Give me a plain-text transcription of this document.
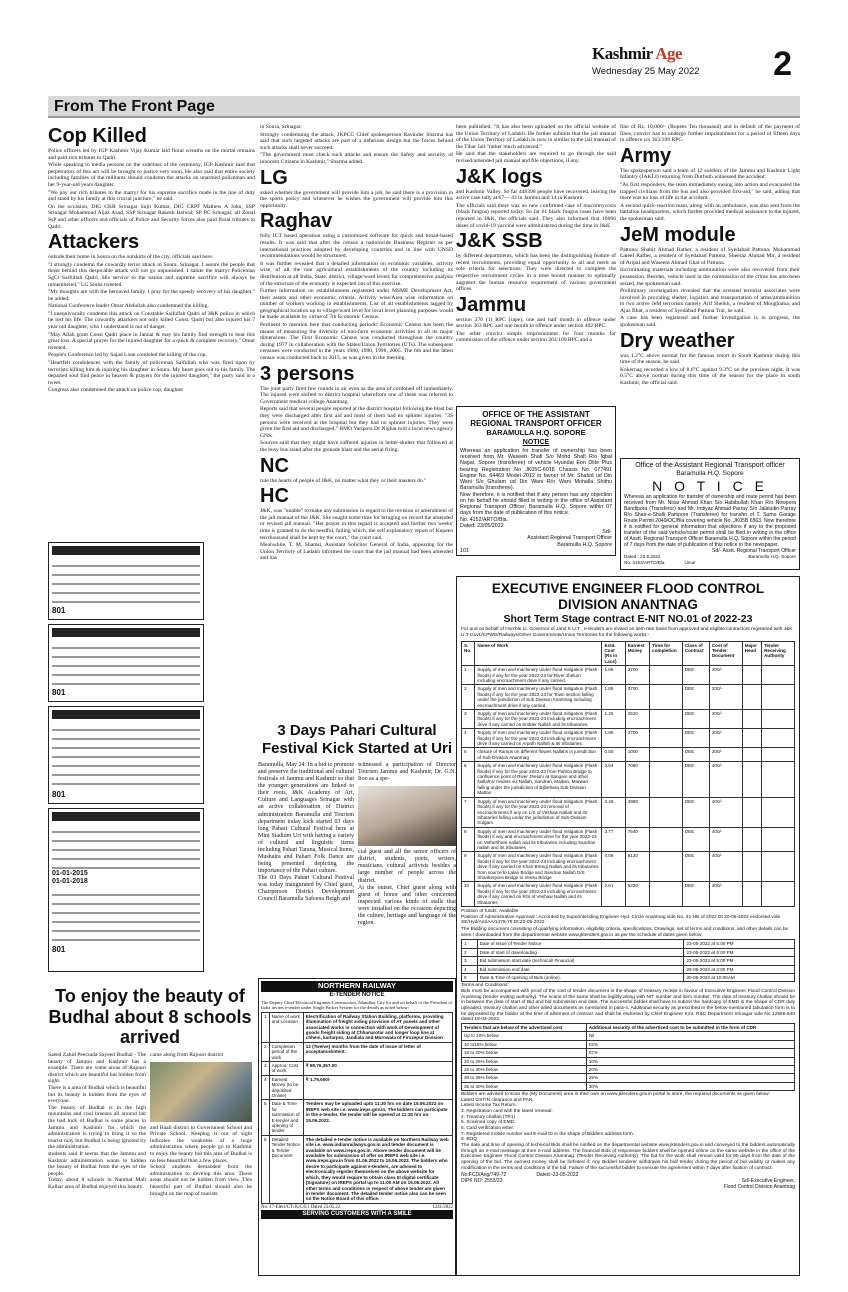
Kashmir Age
Wednesday 25 May 2022	2
From The Front Page
Cop Killed

Police officers led by IGP Kashmir Vijay Kumar laid floral wreaths on the mortal remains and paid rich tributes to Qadri.

While speaking to media persons on the sidelines of the ceremony, IGP Kashmir said that perpetrators of this act will be brought to justice very soon. He also said that entire society including families of the militants should condemn the attacks on unarmed policeman and her 9-year-old years daughter.

"We pay our rich tributes to the martyr for his supreme sacrifice made in the line of duty and stand by his family at this crucial juncture," he said.

On the occasion, DIG CKR Srinagar Sujit Kumar, DIG CRPF Mathew A John, SSP Srinagar Mohammad Aijaz Asad, SSP Srinagar Rakesh Balwal, SP PC Srinagar, all Zonal SsP and other officers and officials of Police and Security forces also paid floral tributes to Qadri.

Attackers

outside their home in Soura on the outskirts of the city, officials said here.

"I strongly condemn the cowardly terror attack in Soura, Srinagar. I assure the people that those behind this despicable attack will not go unpunished. I salute the martyr Policeman SgCt Saifullah Qadri. His service to the nation and supreme sacrifice will always be remembered," LG Sinha tweeted.

"My thoughts are with the bereaved family. I pray for the speedy recovery of his daughter," he added.

National Conference leader Omar Abdullah also condemned the killing.

"I unequivocally condemn this attack on Constable Saifullah Qadri of J&K police in which he lost his life. The cowardly attackers not only killed Const. Qadri but also injured his 7 year old daughter, who I understand is out of danger.

"May Allah grant Const Qadri place in Jannat & may his family find strength to bear this great loss. A special prayer for the injured daughter for a quick & complete recovery," Omar tweeted.

People's Conference led by Sajad Lone condoled the killing of the cop.

"Heartfelt condolences with the family of policeman Saifullah who was fired upon by terrorists killing him & injuring his daughter in Soura. My heart goes out to his family. The departed soul find peace in heaven & prayers for the injured daughter," the party said in a tweet.

Congress also condemned the attack on police cop, daughter

801
801
801
01-01-2015
01-01-2018
801
To enjoy the beauty of Budhal about 8 schools arrived

Saeed Zahid Peerzada Sayeed Budhal - The beauty of Jammu and Kashmir has a example. There are some areas of Rajouri district which are beautiful but hidden from sight.

There is a area of Budhal which is beautiful but its beauty is hidden from the eyes of everyone.

The beauty of Budhal is in the high mountains and cool breezes all around but the bad luck of Budhal is some places in Jammu and Kashmir for which the administration is trying to bring it so the tourist may but Budhal is being ignored by the administration.

students said It seems that the Jammu and Kashmir administration wants to hidden the beauty of Budhal from the eyes of the people.

Today, about 8 schools in Nambal Mall Kalhar area of Budhal enjoyed this beauty.

came along from Rajouri district

and Baali district to Government School and Private School. Keeping it out of sight indicates the weakness of a huge administration where people go to Kashmir to enjoy the beauty but this area of Budhal is no less beautiful than a few places.

School students demanded from the administration to develop this area. Those areas should not be hidden from view. This beautiful part of Budhal should also be brought on the map of tourists.

in Soura, Srinagar.

Strongly condemning the attack, JKPCC Chief spokesperson Ravinder Sharma has said that such targeted attacks are part of a nefarious design but the forces behind such attacks shall never succeed.

"The government must check such attacks and ensure the Safety and security of innocent Citizens in Kashmir," Sharma added.

LG

asked whether the government will provide him a job, he said there is a provision in the sports policy and whenever he wishes the government will provide him this opportunity.

Raghav

fully ICT based operation using a customized software for quick and broad-based results. It was said that after the census a nationwide Business Register as per international practices adopted by developing countries and in line with UNSD recommendations would be structured.

It was further revealed that a detailed information on economic variables, activity wise, of all the non agricultural establishments of the country including its distribution at all India, State, district, village/ward levels for comprehensive analysis of the structure of the economy is expected out of this exercise.

Further information on establishments registered under MSME Development Act, their assets and other economic criteria. Activity wise/Area wise information on number of workers working in establishments. List of all establishments tagged by geographical location up to village/ward level for local level planning purposes would be made available by virtue of 7th Economic Census.

Pertinent to mention here that conducting periodic Economic Census has been the means of measuring the diversity of non-farm economic activities in all its major dimensions. The First Economic Census was conducted throughout the country during 1977 in collaboration with the States/Union Territories (UTs). The subsequent censuses were conducted in the years 1980, 1990, 1998, 2005. The 6th and the latest census was conducted back in 2013, as was given in the meeting.

3 persons

The joint party fired few rounds in air even as the area of cordoned off immediately. The injured were shifted to district hospital wherefrom one of these was referred to Government medical college Anantnag.

Reports said that several people reported at the district hospital following the blast but they were discharged after first aid and most of them had no splinter injuries. "3S persons were received at the hospital but they had no splinter injuries. They were given the first aid and discharged," BMO Yaripora Dr Nighat told a local news agency GNS.

Sources said that they might have suffered injuries in helter-skelter that followed at the busy bus stand after the grenade blast and the aerial firing.

NC

rule the hearts of people of J&K, no matter what they or their masters do."

HC

J&K, was "unable" to make any submission in regard to the revision or amendment of the jail manual of the J&K. She sought some time for bringing on record the amended or revised jail manual. "Her prayer in this regard is accepted and further two weeks' time is granted to do the needful, failing which, the self explanatory report of Kupeeo ten thousand shall be kept by the court," the court said.

Meanwhile, T. M. Shamsi, Assistant Solicitor General of India, appearing for the Union Territory of Ladakh informed the court that the jail manual had been amended and has

3 Days Pahari Cultural Festival Kick Started at Uri

Baramulla, May 24: In a bid to promote and preserve the traditional and cultural festivals of Jammu and Kashmir so that the younger generations are linked to their roots, J&K Academy of Art, Culture and Languages Srinagar with an active collaboration of District administration Baramulla and Tourism department today kick started 03 days long Pahari Cultural Festival here at Mini Stadium Uri with having a variety of cultural and linguistic items including Pahari Tarana, Musical Items, Mushaira and Pahari Folk Dance are being presented depicting the importance of the Pahari culture.

The 03 Days Pahari Cultural Festival was today inaugurated by Chief guest, Chairperson District Development Council Baramulla Safeena Beigh and

witnessed a participation of Director Tourism Jammu and Kashmir, Dr. G.N. Itoo as a spe-

cial guest and all the senior officers of district, students, poets, writers, musicians, cultural activists besides a large number of people across the district.

At the outset, Chief guest along with guest of honor and other concerned inspected various kinds of stalls that were installed on the occasion depicting the culture, heritage and language of the region.

NORTHERN RAILWAY
E-TENDER NOTICE

The Deputy Chief Electrical Engineer/Construction, Jalandhar City for and on behalf of the President of India invites e-tender under Single Packet System for the details as noted below:

1	Name of work and Location	Electrification of Railway Station Building, platforms, providing illumination of freight siding provision of AT panels and other associated works in connection with work of Development of goods freight siding at Chhanarotar and longer loop line at chheni, kartarpur, Jandiala and Morowala of Firozepur Division
2	Completion period of the work	12 (Twelve) months from the date of issue of letter of acceptance/intent.
3	Approx. Cost of work	₹ 89,76,357.00
4	Earnest Money (to be deposited Online)	₹ 1,79,600/-
5	Date & Time for submission of E-tender and opening of tender	Tenders may be uploaded upto 11:30 hrs on date 15.06.2022 on IREPS web site i.e. www.ireps.gov.in. The bidders can participate in the e-tender, the tender will be opened at 11:30 hrs on 15.06.2022.
6	Detailed Tender Notice & Tender Document	The detailed e-tender notice is available on Northern Railway web site i.e. www.indianrailways.gov.in and tender document is available on www.ireps.gov.in. Above tender document will be available for submission of offer on IREPS web site i.e. www.ireps.gov.in from 01.06.2022 to 15.06.2022. The bidders who desire to participate against e-tenders, are advised to electronically register themselves on the above website for which, they would require to obtain class III digital certificate (Signature) on IREPS portal up to 11:00 AM on 15.06.2022. All other terms and conditions in respect of above tender are given in tender document. The detailed tender notice also can be seen on the Notice Board of this office.
No. 17-Elect/CT/JUC/E1 Dated 23.05.22	1241/2022
SERVING CUSTOMERS WITH A SMILE

been published. "It has also been uploaded on the official website of the Union Territory of Ladakh. He further submits that the jail manual of the Union Territory of Ladakh in now in similar to the jail manual of the Tihar Jail "rather much advanced."

He said that the stakeholders are required to go through the said revised/amended jail manual and file objections, if any.

J&K logs

and Kashmir Valley. So far 448398 people have recovered, leaving the active case tally at 67— 43 in Jammu and 14 in Kashmir.

The officials said there was no new confirmed case of mucormycosis (black fungus) reported today. So far 61 black fungus cases have been reported in J&K, the officials said. They also informed that 10096 doses of covid-19 vaccine were administered during the time in J&K.

J&K SSB

by different departments, which has been the distinguishing feature of recent recruitments, providing equal opportunity to all and merit as sole criteria for selections. They were directed to complete the respective recruitment cycles in a time bound manner to optimally augment the human resource requirement of various government offices.

Jammu

section 376 (1) RPC (rape), one and half month in offence under section 363 RPC and one month in offence under section 402 RPC.

The other convict simple imprisonment for four months for commission of the offence under section 363/109 RPC and a

OFFICE OF THE ASSISTANT
REGIONAL TRANSPORT OFFICER
BARAMULLA H.Q. SOPORE
NOTICE

Whereas an application for transfer of ownership has been received from Mr. Waseeb Shafi S/o Mohd Shafi R/o Iqbal Nagar, Sopore (transferee) of vehicle Hyundai Eon Dlite Plus bearing Registration No JK05C-6018 Chassis No. 077491 Engine No. 64469 Model 2012 in favour of Mr. Shahid ud Din Wani S/o Ghulam ud Din Wani R/o Wani Mohalla Shithu Baramulla (transferee).

Now therefore, it is notified that if any person has any objection on his behalf he should filled in writing in the office of Assistant Regional Transport Officer, Baramulla H.Q. Sopore within 07 days from the date of publication of this notice.

No. 4152/ARTO/Bla.
Dated: 23/05/2022
Sd/-
Assistant Regional Transport Officer
Baramulla H.Q. Sopore
101

fine of Rs. 10,000/- (Rupees Ten thousand) and in default of the payment of fines, convict has to undergo further imprisonment for a period of fifteen days in offence u/s 363/109 RPC.

Army

The spokesperson said a team of 12 soldiers of the Jammu and Kashmir Light Infantry (JAKLI) returning from Durbuth witnessed the accident.

"As first responders, the team immediately swung into action and evacuated the trapped civilians from the bus and also provided first-aid," he said, adding that there was no loss of life in the accident.

A second quick-reaction team, along with an ambulance, was also sent from the battalion headquarters, which further provided medical assistance to the injured, the spokesman said.

JeM module

Pattuna; Shabir Ahmad Rather, a resident of Syedabad Pattuna; Mohammad Lateef Rather, a resident of Syedabad Pattuna; Sheeraz Ahmad Mir, a resident of Aripal and Waseem Ahmad Ghat of Pattuna.

Incriminating materials including ammunition were also recovered from their possession. Besides, vehicle used in the commission of the crime has also been seized, the spokesman said.

Preliminary investigation revealed that the arrested terrorist associates were involved in providing shelter, logistics and transportation of arms/ammunition to two active JeM terrorists namely Arif Sheikh, a resident of Moughama, and Ajaz Bhat, a resident of Syedabad Pattuna Tral, he said.

A case has been registered and further investigation is in progress, the spokesman said.

Dry weather

was 1.2°C above normal for the famous resort in South Kashmir during this time of the season, he said.

Kokernag recorded a low of 8.6°C against 9.3°C on the previous night. It was 0.5°C above normal during this time of the season for the place in south Kashmir, the official said.

Office of the Assistant Regional Transport officer
Baramulla H.Q. Sopore
N O T I C E

Whereas an application for transfer of ownership and route permit has been received from Mr. Nisar Ahmad Khan S/o Habibullah Khan R/o Nowpora Bandipora (Transferor) and Mr. Imtiyaz Ahmad Parray S/o Jalaludin Parray R/o Shair-e-Shalli Pampore (Transferee) for transfer of T. Sumo Garage Route Permit 2049/OC/Bla covering vehicle No. JK05B 6563. Now therefore it is notified for general information that objections if any to the proposed transfer of the said vehicle/route permit shall be filed in writing in the office of Asstt. Regional Transport Officer Baramulla H.Q. Sopore within the period of 7 days from the date of publication of this notice in the newspaper.

Sd/- Asstt. Regional Transport Officer
Dated : 23.5.2022	Baramulla H.Q. Sopore
No. 4153/ARTO/Bla	Umar
EXECUTIVE ENGINEER FLOOD CONTROL DIVISION ANANTNAG
Short Term Stage contract E-NIT NO.01 of 2022-23

For and on behalf of Hon'ble Lt. Governor of Jand K U.T , e-tenders are invited on item rate basis from approved and eligible contractors registered with J&K U.T Govt./CPWD/Railways/Other Governments/Union Territories for the following works:-

S. No.	Name of Work	Estd. Cost (Rs in Lacs)	Earnest Money	Time for completion	Class of Contract	Cost of Tender Document	Major Head	Tender Receiving Authority
1	Supply of men and machinery under flood mitigation (Flash floods) if any for the year 2022-23 for River Jhelum including encroachment drive if any carried.	1.85	3700		DEE	200/-		
2	Supply of men and machinery under flood mitigation (Flash floods) if any for the year 2022-23 for Town section falling under the jurisdiction of Sub Division Anantnag including encroachment drive if any carried.	1.85	3700		DEE	200/-		
3	Supply of men and machinery under flood mitigation (Flash floods) if any for the year 2022-23 including encroachment drive if any carried on bridder Nallah and its tributaries.	1.26	2520		DEE	200/-		
4	Supply of men and machinery under flood mitigation (Flash floods) if any for the year 2022-23 including encroachment drive if any carried on Arpath Nallah & its tributaries.	1.85	3700		DEE	200/-		
5	closure of Ramps on different flowes Nallahs in jurisdiction of Sub-Division Anantnag	0.50	1000		DEE	200/-		
6	Supply of men and machinery under flood mitigation (Flash floods) if any for the year 2022-23 from Pahloo Bridge to confluence point of River Jhelum at Sangam and other Nallah's/ rivulets viz Nallah, Sandran, Malkan, Marwari falling under the jurisdiction of Bijbehara Sub-Division Mattan	3.54	7080		DEE	400/-		
7	Supply of men and machinery under flood mitigation (Flash floods) if any for the year 2022-23 removal of encroachments if any on L/S of Veshaw Nallah and its tributaries falling under the jurisdiction of Sub-Division Kulgam.	2.49	4980		DEE	400/-		
8	Supply of men and machinery under flood mitigation (Flash floods) if any and encroachment drive for the year 2022-23 on Vetherthree nallah and its tributaries including Sandran nallah and its tributaries	3.77	7540		DEE	400/-		
9	Supply of men and machinery under flood mitigation (Flash floods) if any for the year 2022-23 including encroachment drive if any carried on Khan Brengi Nallah and its tributaries from source to Lalan Bridge and Sandran Nallah D/S Shankerpora Bridge to Vessu Bridge	4.06	8120		DEE	400/-		
10	Supply of men and machinery under flood mitigation (Flash floods) if any for the year 2022-23 including encroachment drive if any carried on R/S of Veshaw Nallah and its tributaries	2.61	5220		DEE	300/-		

Position of funds: Available

Position of Administrative Approval : Accorded by Superintending Engineer Hyd. Circle Anantnag vide No. 31-HB of 2022 Dt 20-05-2022 endorsed vide SE/Hyd/Ant/AA/1478-79 Dt:20-05-2022.

The Bidding document consisting of qualifying information, eligibility criteria, specifications, Drawings, set of terms and conditions, and other details can be seen / downloaded from the departmental website www.jktenders.gov.in as per the schedule of dates given below:

1	Date of Issue of Tender Notice	23-05-2022 at 5:00 PM
2	Date of start of downloading	23-05-2022 at 5:00 PM
3	Bid submission start date (technical/ Financial)	23-05-2022 at 5:00 PM
4	Bid submission end date	28-05-2022 at 4:00 PM
5	Date & Time of opening of Bids (online).	30-05-2022 at 10:00AM

Terms and Conditions:

Bids must be accompanied with proof of the cost of tender document in the shape of treasury receipt in favour of Executive Engineer Flood Control Division Anantnag (tender inviting authority). The scans of the same shall be legibly along with NIT number and item number. The date of treasury challan should be in between the date of start of Bid and bid submission end date. The successful bidder shall have to submit the hardcopy of EMD in the shape of CDR duly upleaded, treasury challan and other allied documents as mentioned in para-4. Additional security as prescribed in the below-mentioned tabulation form is to be deposited by the bidder at the time of allotment of contract and shall be endorsed by Chief Engineer Kmr. R&C Department Srinagar vide No 12566-640 dated 18-03-2022.

Tenders that are below of the advertised cost	Additional security of the advertised cost to be submitted in the form of CDR
Up to 10% below	Nil
10 to15% below	02%
15 to 20% below	07%
20 to 25% below	10%
25 to 30% below	20%
30 to 35% below	25%
35 to 40% below	30%

Bidders are advised to scan the (My Document) area in their own on www.jktenders.gov.in portal to store, the required documents as given below:

Latest GSTIN clearance and PAN.
Latest Income Tax Return.
3. Registration card with the latest renewal.
4. Treasury challan (TR1)
5. Scanned copy of EMD.
6. Card verification letter.
7. Registered mobile number and E-mail ID in the shape of Bidders address form.
8. BOQ

The date and time of opening of technical Bids shall be notified on the departmental website www.jktenders.gov.in and conveyed to the bidders automatically through an e-mail message at their e-mail address. The financial Bids of responsive bidders shall be opened online on the same website in the office of the Executive Engineer Flood Control Division Anantnag. (Tender Receiving Authority). The bid for the work shall remain valid for 90 days from the date of the opening of the bid. The earnest money shall be forfeited if: Any Bidder/ tenderer withdraws his bid/ tender during the period of bid validity or makes any modification in the terms and conditions of the bid. Failure of the successful bidder to execute the agreement within 7 days after fixation of contract.

No:FCD/Ang/749-72	Dated:-23-05-2022
DIPK NO: 2553/22	Sd/-Executive Engineer,
Flood Control Division Anantnag
